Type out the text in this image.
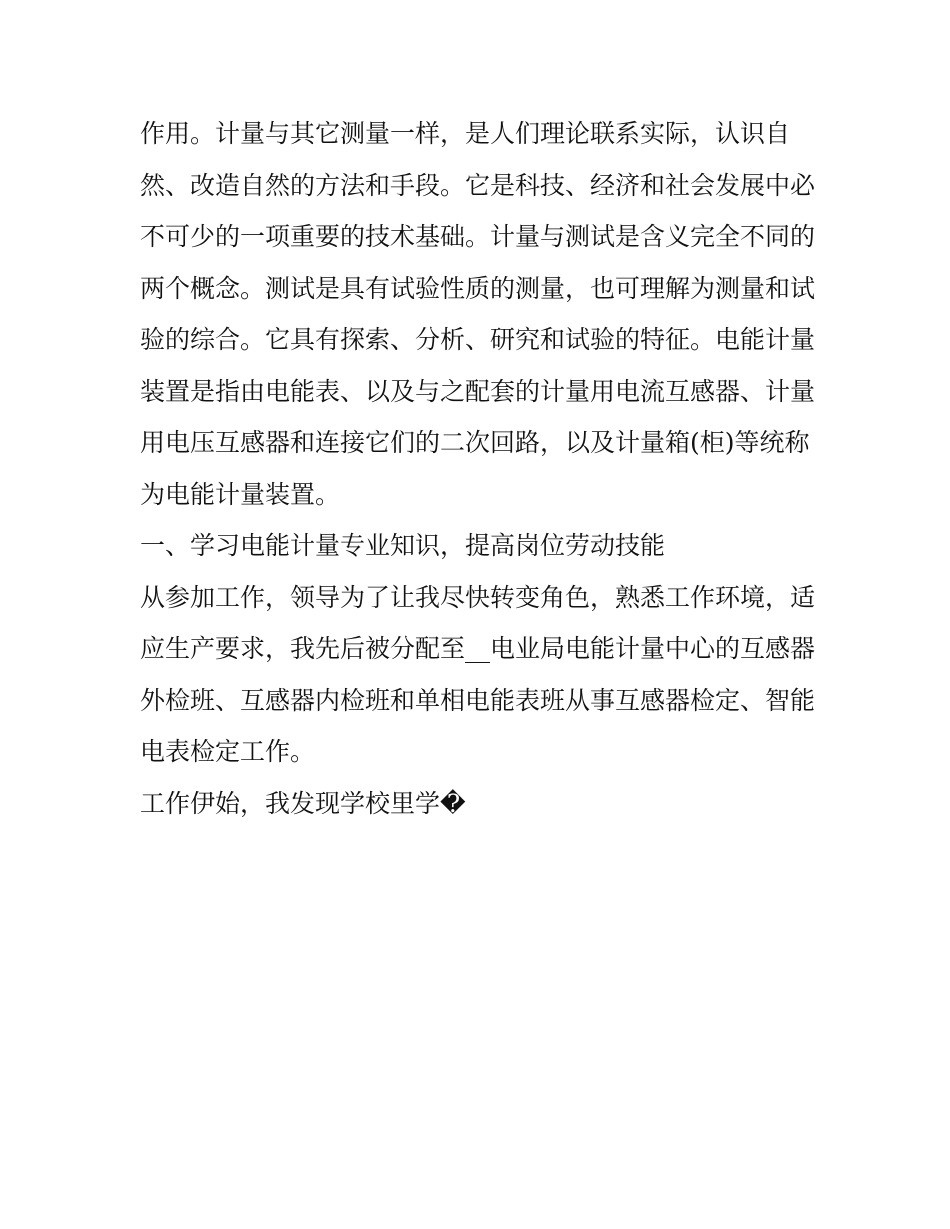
作用。计量与其它测量一样，是人们理论联系实际，认识自

然、改造自然的方法和手段。它是科技、经济和社会发展中必

不可少的一项重要的技术基础。计量与测试是含义完全不同的

两个概念。测试是具有试验性质的测量，也可理解为测量和试

验的综合。它具有探索、分析、研究和试验的特征。电能计量

装置是指由电能表、以及与之配套的计量用电流互感器、计量

用电压互感器和连接它们的二次回路，以及计量箱(柜)等统称

为电能计量装置。

一、学习电能计量专业知识，提高岗位劳动技能

从参加工作，领导为了让我尽快转变角色，熟悉工作环境，适

应生产要求，我先后被分配至__电业局电能计量中心的互感器

外检班、互感器内检班和单相电能表班从事互感器检定、智能

电表检定工作。

工作伊始，我发现学校里学�
